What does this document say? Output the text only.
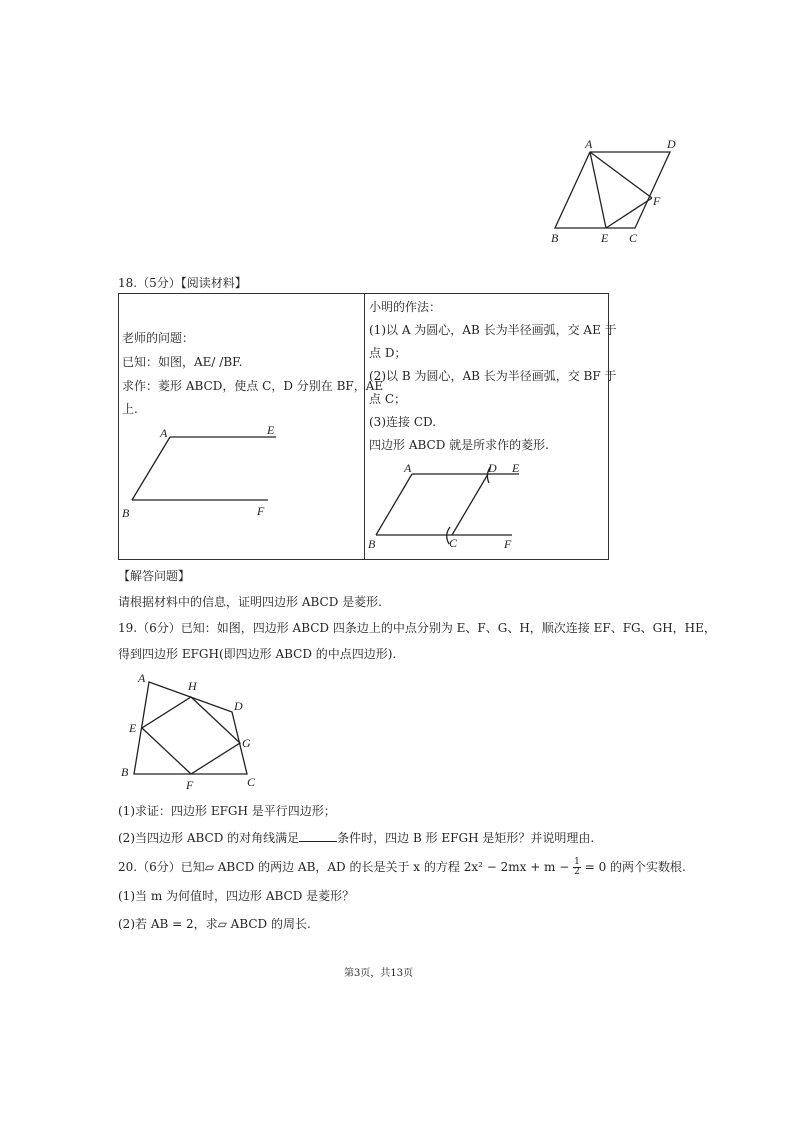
A	D
F
B	E C
18.（5分）【阅读材料】
老师的问题：
已知：如图，AE/ /BF.
求作：菱形 ABCD，使点 C，D 分别在 BF，AE
上.
A	E
B	F
小明的作法：
(1)以 A 为圆心，AB 长为半径画弧，交 AE 于
点 D；
(2)以 B 为圆心，AB 长为半径画弧，交 BF 于
点 C；
(3)连接 CD.
四边形 ABCD 就是所求作的菱形.
A	D E
B	C	F
【解答问题】
请根据材料中的信息，证明四边形 ABCD 是菱形.
19.（6分）已知：如图，四边形 ABCD 四条边上的中点分别为 E、F、G、H，顺次连接 EF、FG、GH，HE，
得到四边形 EFGH(即四边形 ABCD 的中点四边形).
A
H
D
E
G
B
F	C
(1)求证：四边形 EFGH 是平行四边形；
(2)当四边形 ABCD 的对角线满足	条件时，四边 B 形 EFGH 是矩形？并说明理由.
20.（6分）已知▱ ABCD 的两边 AB，AD 的长是关于 x 的方程 $2x^2 - 2mx + m - \frac{1}{2} = 0$ 的两个实数根.
(1)当 m 为何值时，四边形 ABCD 是菱形？
(2)若 AB = 2，求▱ ABCD 的周长.
第3页，共13页
